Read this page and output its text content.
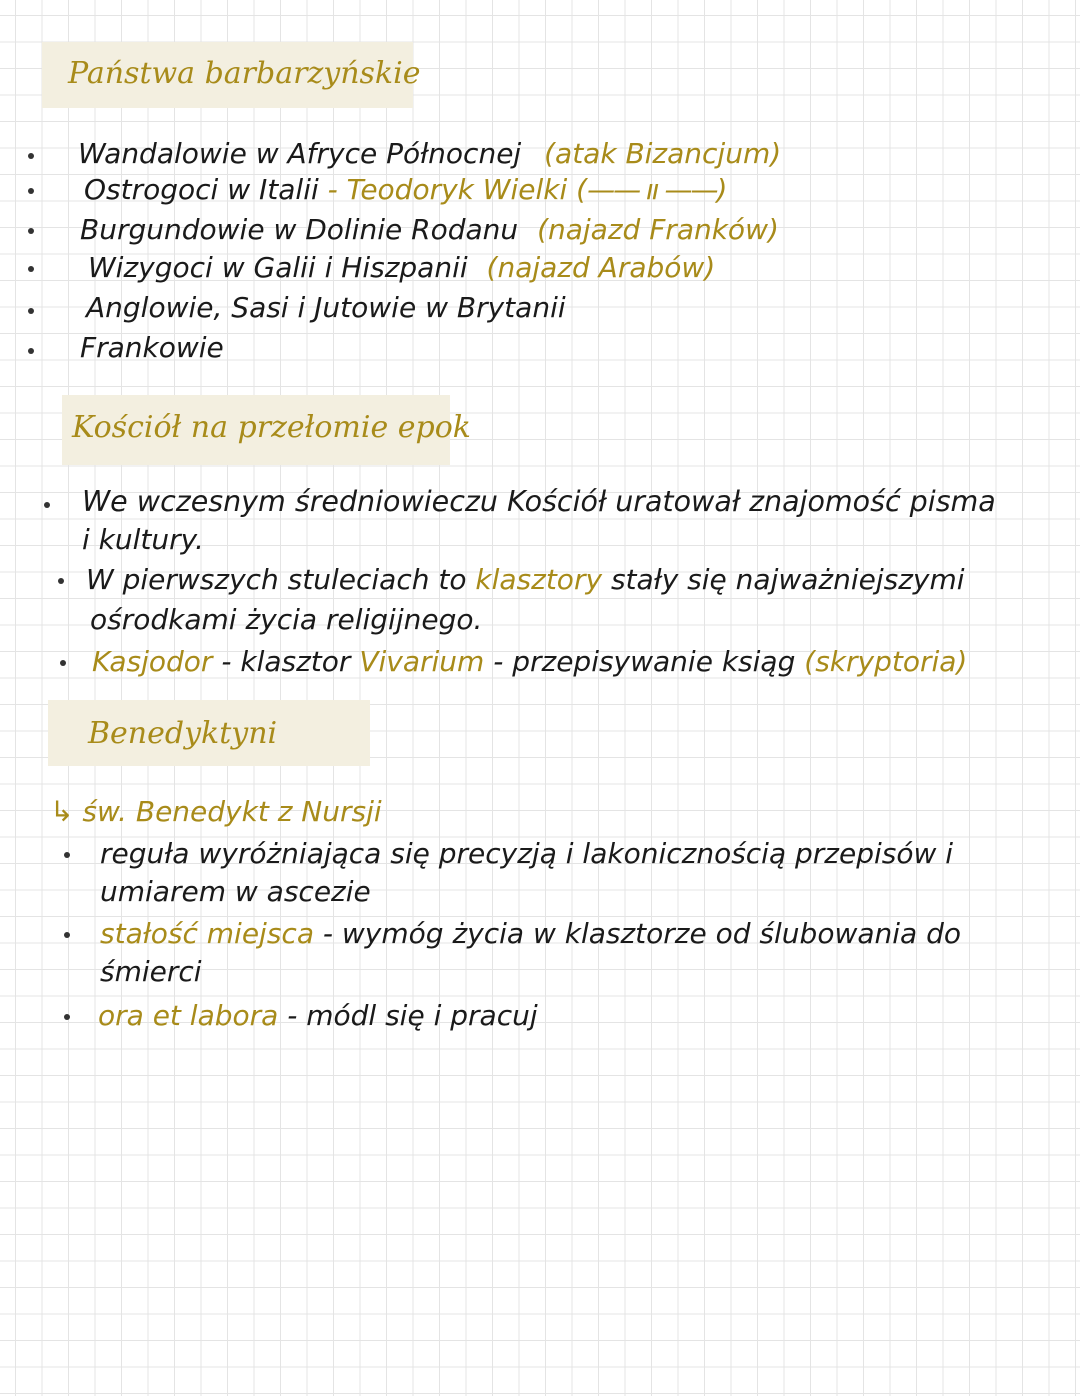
Państwa barbarzyńskie
Wandalowie w Afryce Północnej (atak Bizancjum)
Ostrogoci w Italii - Teodoryk Wielki (—— ıı ——)
Burgundowie w Dolinie Rodanu (najazd Franków)
Wizygoci w Galii i Hiszpanii (najazd Arabów)
Anglowie, Sasi i Jutowie w Brytanii
Frankowie
Kościół na przełomie epok
We wczesnym średniowieczu Kościół uratował znajomość pisma
i kultury.
W pierwszych stuleciach to klasztory stały się najważniejszymi
ośrodkami życia religijnego.
Kasjodor - klasztor Vivarium - przepisywanie ksiąg (skryptoria)
Benedyktyni
↳ św. Benedykt z Nursji
reguła wyróżniająca się precyzją i lakonicznością przepisów i
umiarem w ascezie
stałość miejsca - wymóg życia w klasztorze od ślubowania do
śmierci
ora et labora - módl się i pracuj
